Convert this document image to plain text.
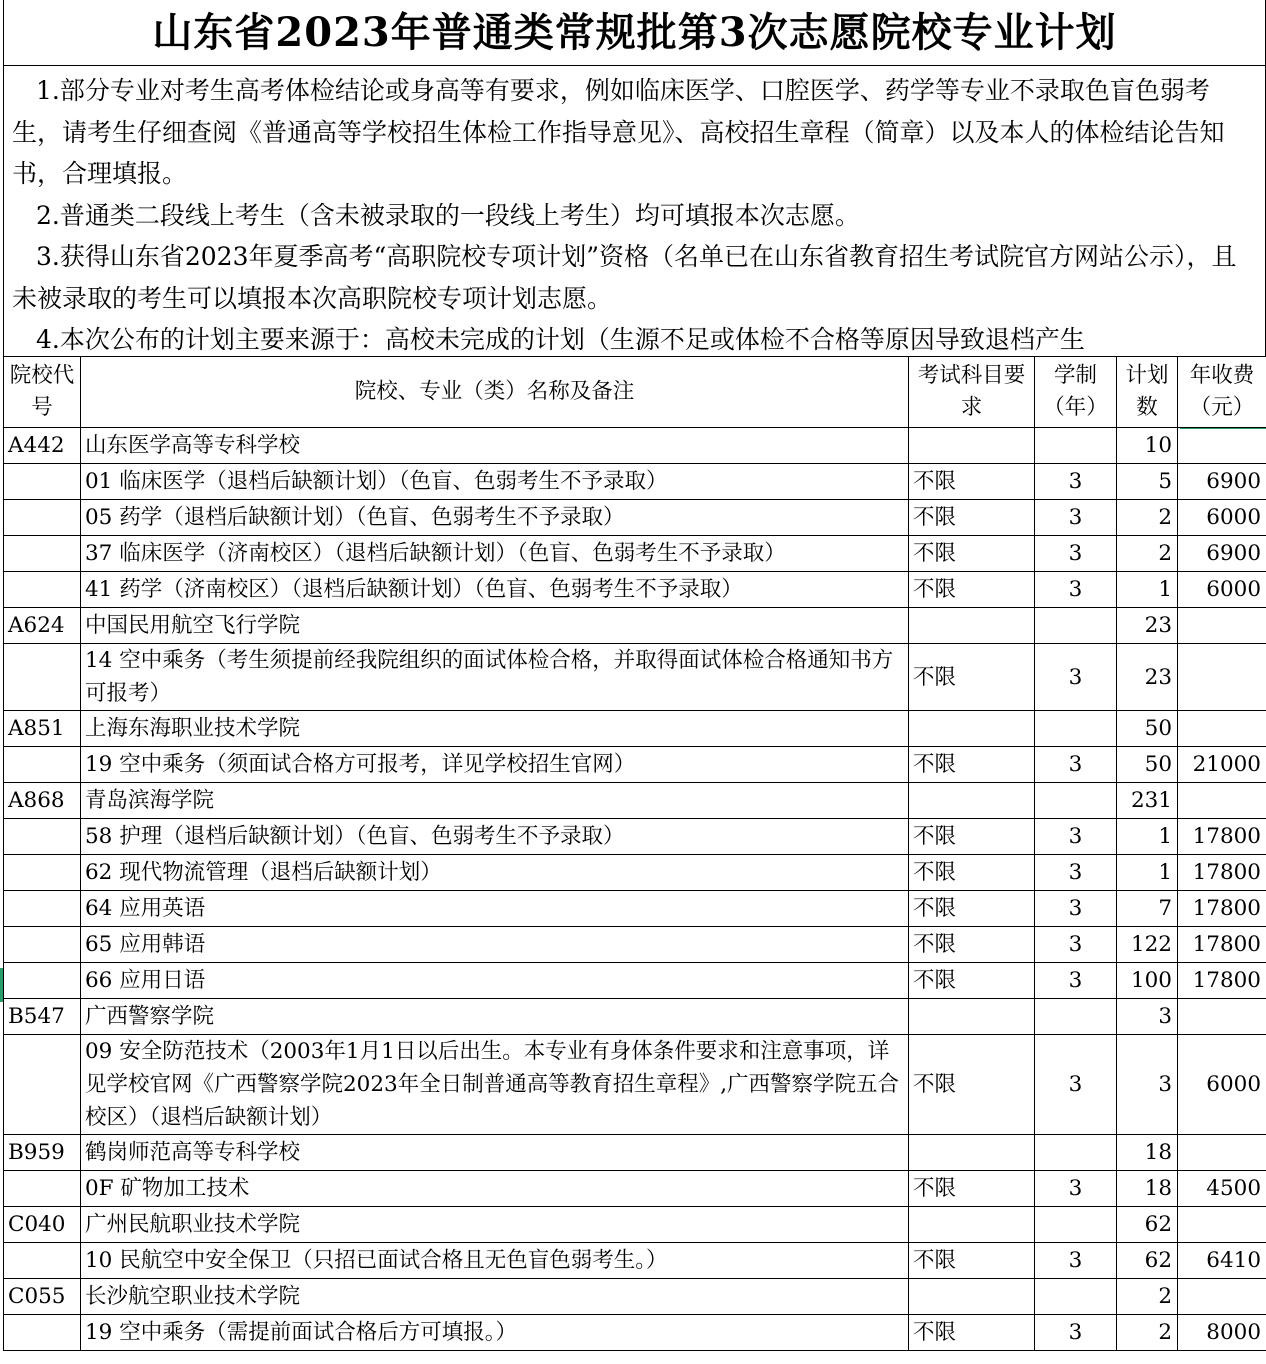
山东省2023年普通类常规批第3次志愿院校专业计划

1.部分专业对考生高考体检结论或身高等有要求，例如临床医学、口腔医学、药学等专业不录取色盲色弱考生，请考生仔细查阅《普通高等学校招生体检工作指导意见》、高校招生章程（简章）以及本人的体检结论告知书，合理填报。

2.普通类二段线上考生（含未被录取的一段线上考生）均可填报本次志愿。

3.获得山东省2023年夏季高考“高职院校专项计划”资格（名单已在山东省教育招生考试院官方网站公示），且未被录取的考生可以填报本次高职院校专项计划志愿。

4.本次公布的计划主要来源于：高校未完成的计划（生源不足或体检不合格等原因导致退档产生

院校代号	院校、专业（类）名称及备注	考试科目要求	学制（年）	计划数	年收费（元）
A442	山东医学高等专科学校			10	
	01 临床医学（退档后缺额计划）（色盲、色弱考生不予录取）	不限	3	5	6900
	05 药学（退档后缺额计划）（色盲、色弱考生不予录取）	不限	3	2	6000
	37 临床医学（济南校区）（退档后缺额计划）（色盲、色弱考生不予录取）	不限	3	2	6900
	41 药学（济南校区）（退档后缺额计划）（色盲、色弱考生不予录取）	不限	3	1	6000
A624	中国民用航空飞行学院			23	
	14 空中乘务（考生须提前经我院组织的面试体检合格，并取得面试体检合格通知书方可报考）	不限	3	23	
A851	上海东海职业技术学院			50	
	19 空中乘务（须面试合格方可报考，详见学校招生官网）	不限	3	50	21000
A868	青岛滨海学院			231	
	58 护理（退档后缺额计划）（色盲、色弱考生不予录取）	不限	3	1	17800
	62 现代物流管理（退档后缺额计划）	不限	3	1	17800
	64 应用英语	不限	3	7	17800
	65 应用韩语	不限	3	122	17800
	66 应用日语	不限	3	100	17800
B547	广西警察学院			3	
	09 安全防范技术（2003年1月1日以后出生。本专业有身体条件要求和注意事项，详见学校官网《广西警察学院2023年全日制普通高等教育招生章程》,广西警察学院五合校区）（退档后缺额计划）	不限	3	3	6000
B959	鹤岗师范高等专科学校			18	
	0F 矿物加工技术	不限	3	18	4500
C040	广州民航职业技术学院			62	
	10 民航空中安全保卫（只招已面试合格且无色盲色弱考生。）	不限	3	62	6410
C055	长沙航空职业技术学院			2	
	19 空中乘务（需提前面试合格后方可填报。）	不限	3	2	8000
